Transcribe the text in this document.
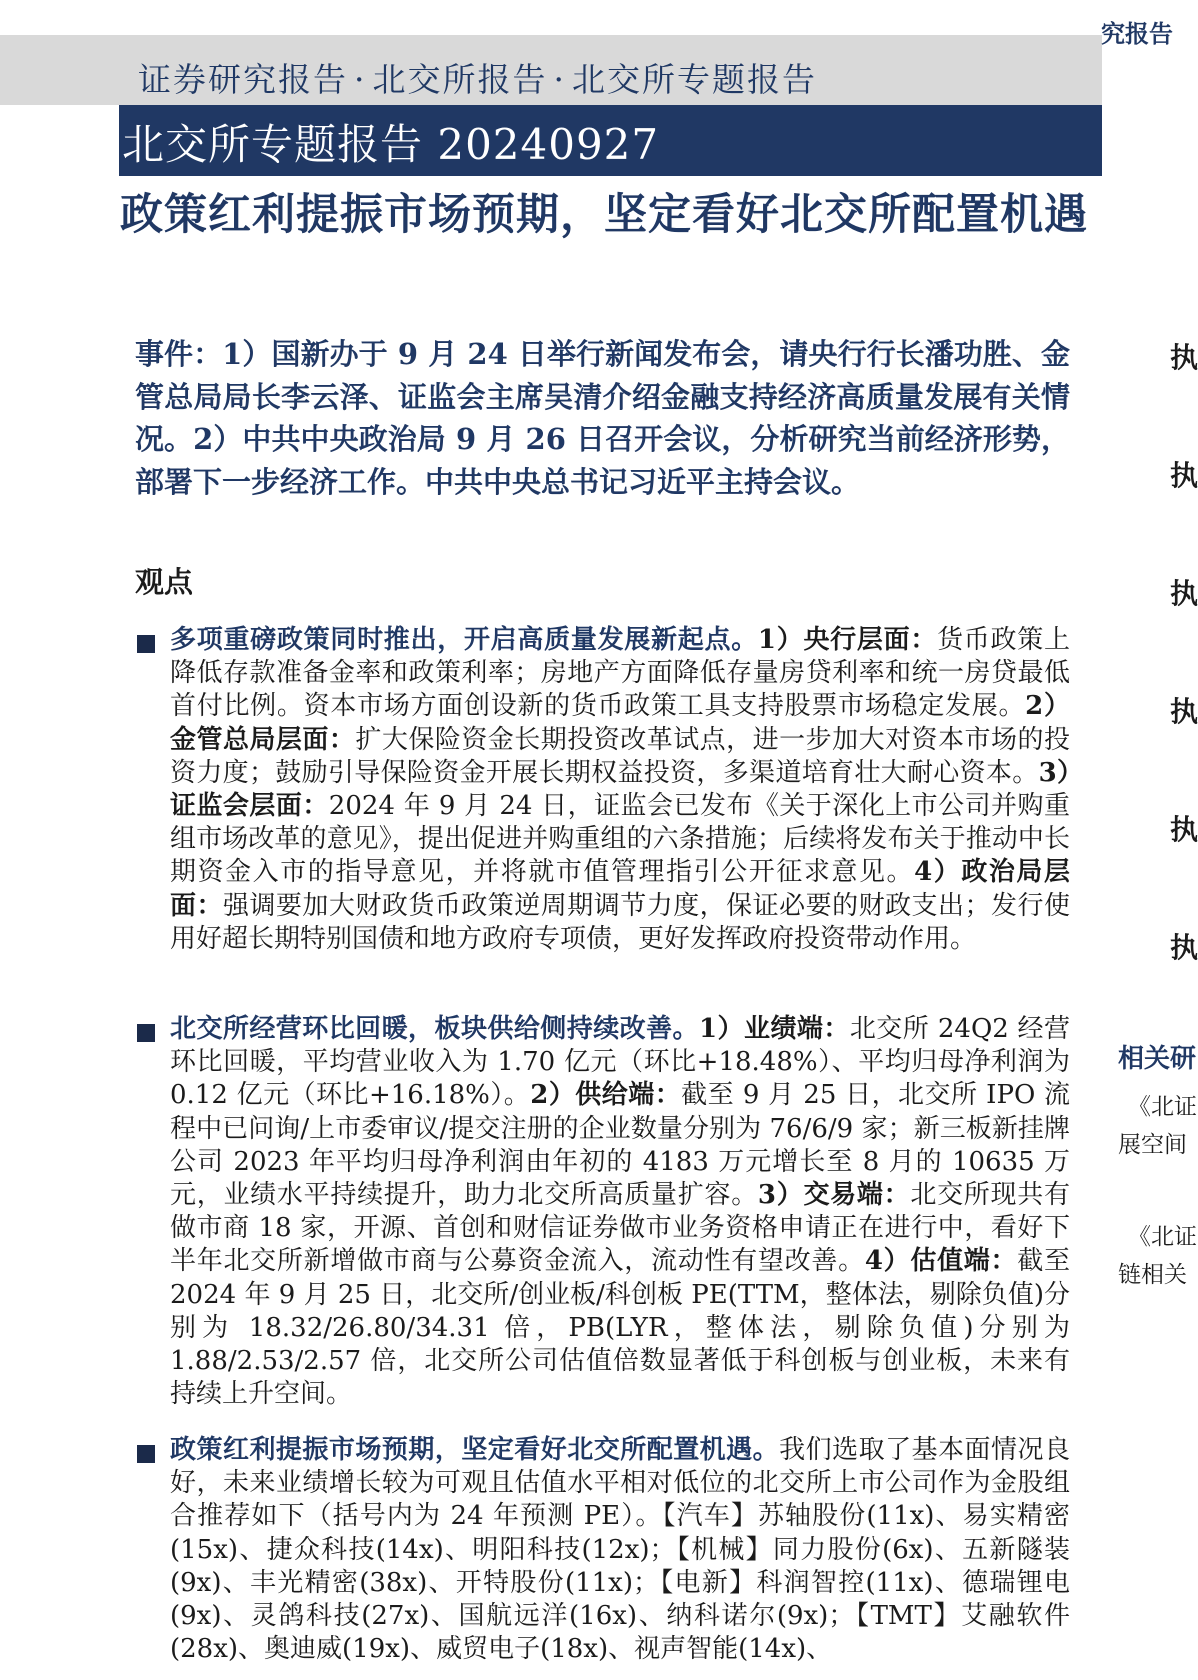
证券研究报告 · 北交所报告 · 北交所专题报告
北交所专题报告 20240927
政策红利提振市场预期，坚定看好北交所配置机遇
事件：1）国新办于 9 月 24 日举行新闻发布会，请央行行长潘功胜、金管总局局长李云泽、证监会主席吴清介绍金融支持经济高质量发展有关情况。2）中共中央政治局 9 月 26 日召开会议，分析研究当前经济形势，部署下一步经济工作。中共中央总书记习近平主持会议。
观点
多项重磅政策同时推出，开启高质量发展新起点。1）央行层面：货币政策上降低存款准备金率和政策利率；房地产方面降低存量房贷利率和统一房贷最低首付比例。资本市场方面创设新的货币政策工具支持股票市场稳定发展。2）金管总局层面：扩大保险资金长期投资改革试点，进一步加大对资本市场的投资力度；鼓励引导保险资金开展长期权益投资，多渠道培育壮大耐心资本。3）证监会层面：2024 年 9 月 24 日，证监会已发布《关于深化上市公司并购重组市场改革的意见》，提出促进并购重组的六条措施；后续将发布关于推动中长期资金入市的指导意见，并将就市值管理指引公开征求意见。4）政治局层面：强调要加大财政货币政策逆周期调节力度，保证必要的财政支出；发行使用好超长期特别国债和地方政府专项债，更好发挥政府投资带动作用。
北交所经营环比回暖，板块供给侧持续改善。1）业绩端：北交所 24Q2 经营环比回暖，平均营业收入为 1.70 亿元（环比+18.48%）、平均归母净利润为 0.12 亿元（环比+16.18%）。2）供给端：截至 9 月 25 日，北交所 IPO 流程中已问询/上市委审议/提交注册的企业数量分别为 76/6/9 家；新三板新挂牌公司 2023 年平均归母净利润由年初的 4183 万元增长至 8 月的 10635 万元，业绩水平持续提升，助力北交所高质量扩容。3）交易端：北交所现共有做市商 18 家，开源、首创和财信证券做市业务资格申请正在进行中，看好下半年北交所新增做市商与公募资金流入，流动性有望改善。4）估值端：截至 2024 年 9 月 25 日，北交所/创业板/科创板 PE(TTM，整体法，剔除负值)分别为 18.32/26.80/34.31 倍，PB(LYR，整体法，剔除负值)分别为 1.88/2.53/2.57 倍，北交所公司估值倍数显著低于科创板与创业板，未来有持续上升空间。
政策红利提振市场预期，坚定看好北交所配置机遇。我们选取了基本面情况良好，未来业绩增长较为可观且估值水平相对低位的北交所上市公司作为金股组合推荐如下（括号内为 24 年预测 PE）。【汽车】苏轴股份(11x)、易实精密(15x)、捷众科技(14x)、明阳科技(12x)；【机械】同力股份(6x)、五新隧装(9x)、丰光精密(38x)、开特股份(11x)；【电新】科润智控(11x)、德瑞锂电(9x)、灵鸽科技(27x)、国航远洋(16x)、纳科诺尔(9x)；【TMT】艾融软件(28x)、奥迪威(19x)、威贸电子(18x)、视声智能(14x)、
究报告
执
执
执
执
执
执
相关研
《北证
展空间
《北证
链相关
